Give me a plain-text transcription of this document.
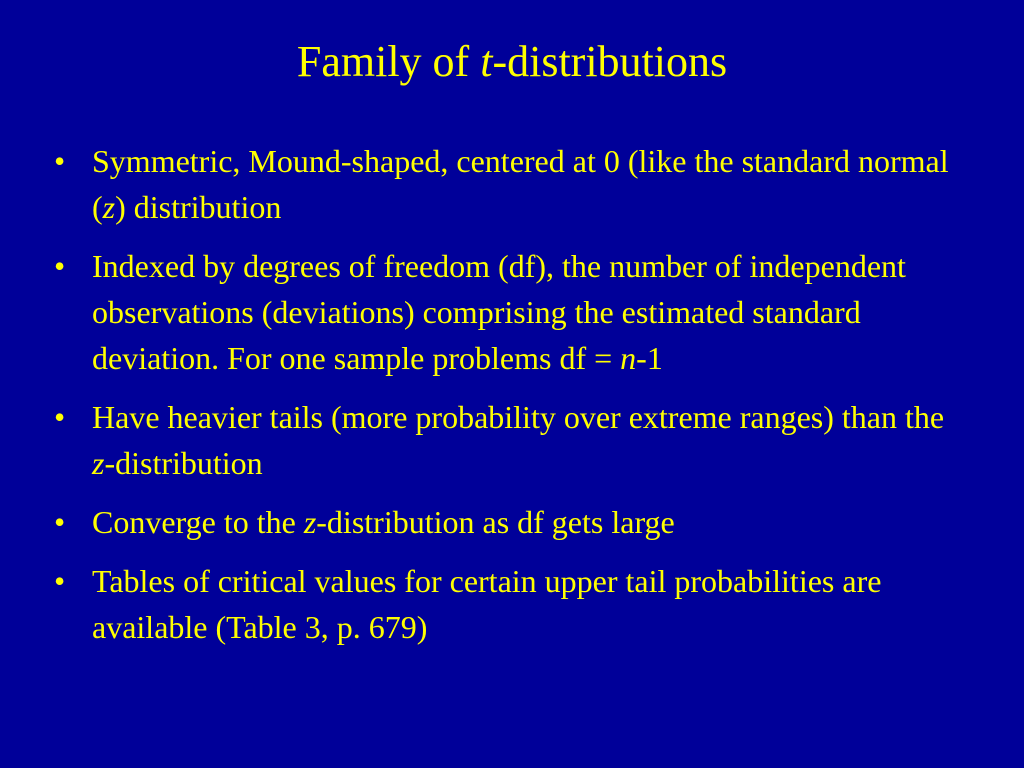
Family of t-distributions
• Symmetric, Mound-shaped, centered at 0 (like the standard normal (z) distribution
• Indexed by degrees of freedom (df), the number of independent observations (deviations) comprising the estimated standard deviation. For one sample problems df = n-1
• Have heavier tails (more probability over extreme ranges) than the z-distribution
• Converge to the z-distribution as df gets large
• Tables of critical values for certain upper tail probabilities are available (Table 3, p. 679)
